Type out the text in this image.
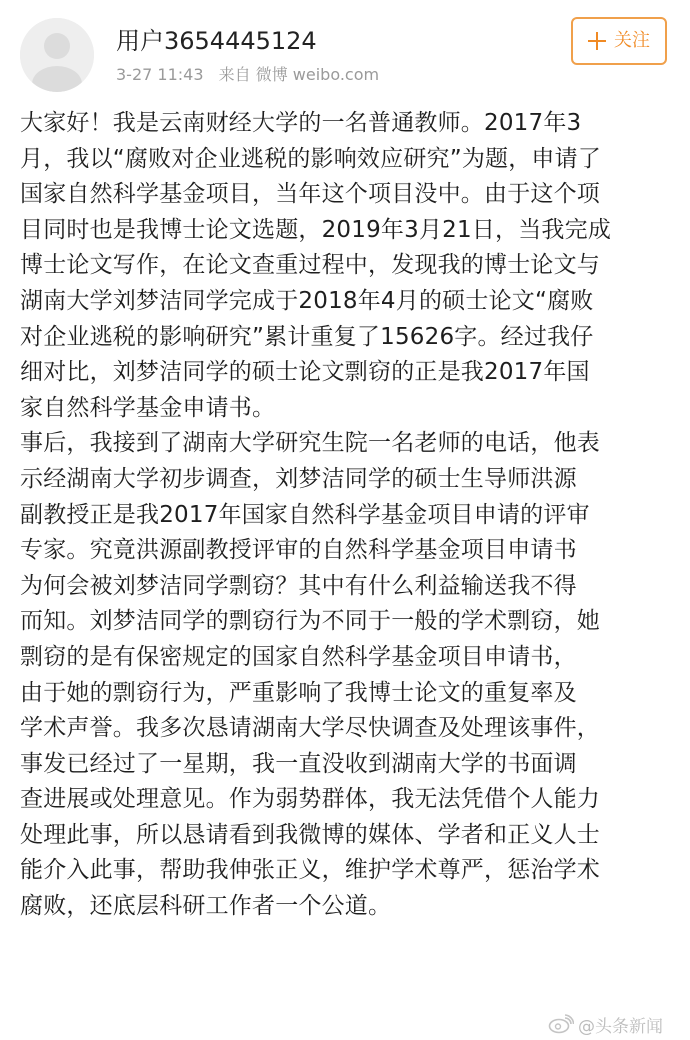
用户3654445124
3-27 11:43 来自 微博 weibo.com
关注
大家好！我是云南财经大学的一名普通教师。2017年3
月，我以“腐败对企业逃税的影响效应研究”为题，申请了
国家自然科学基金项目，当年这个项目没中。由于这个项
目同时也是我博士论文选题，2019年3月21日，当我完成
博士论文写作，在论文查重过程中，发现我的博士论文与
湖南大学刘梦洁同学完成于2018年4月的硕士论文“腐败
对企业逃税的影响研究”累计重复了15626字。经过我仔
细对比，刘梦洁同学的硕士论文剽窃的正是我2017年国
家自然科学基金申请书。
事后，我接到了湖南大学研究生院一名老师的电话，他表
示经湖南大学初步调查，刘梦洁同学的硕士生导师洪源
副教授正是我2017年国家自然科学基金项目申请的评审
专家。究竟洪源副教授评审的自然科学基金项目申请书
为何会被刘梦洁同学剽窃？其中有什么利益输送我不得
而知。刘梦洁同学的剽窃行为不同于一般的学术剽窃，她
剽窃的是有保密规定的国家自然科学基金项目申请书，
由于她的剽窃行为，严重影响了我博士论文的重复率及
学术声誉。我多次恳请湖南大学尽快调查及处理该事件，
事发已经过了一星期，我一直没收到湖南大学的书面调
查进展或处理意见。作为弱势群体，我无法凭借个人能力
处理此事，所以恳请看到我微博的媒体、学者和正义人士
能介入此事，帮助我伸张正义，维护学术尊严，惩治学术
腐败，还底层科研工作者一个公道。
@头条新闻
